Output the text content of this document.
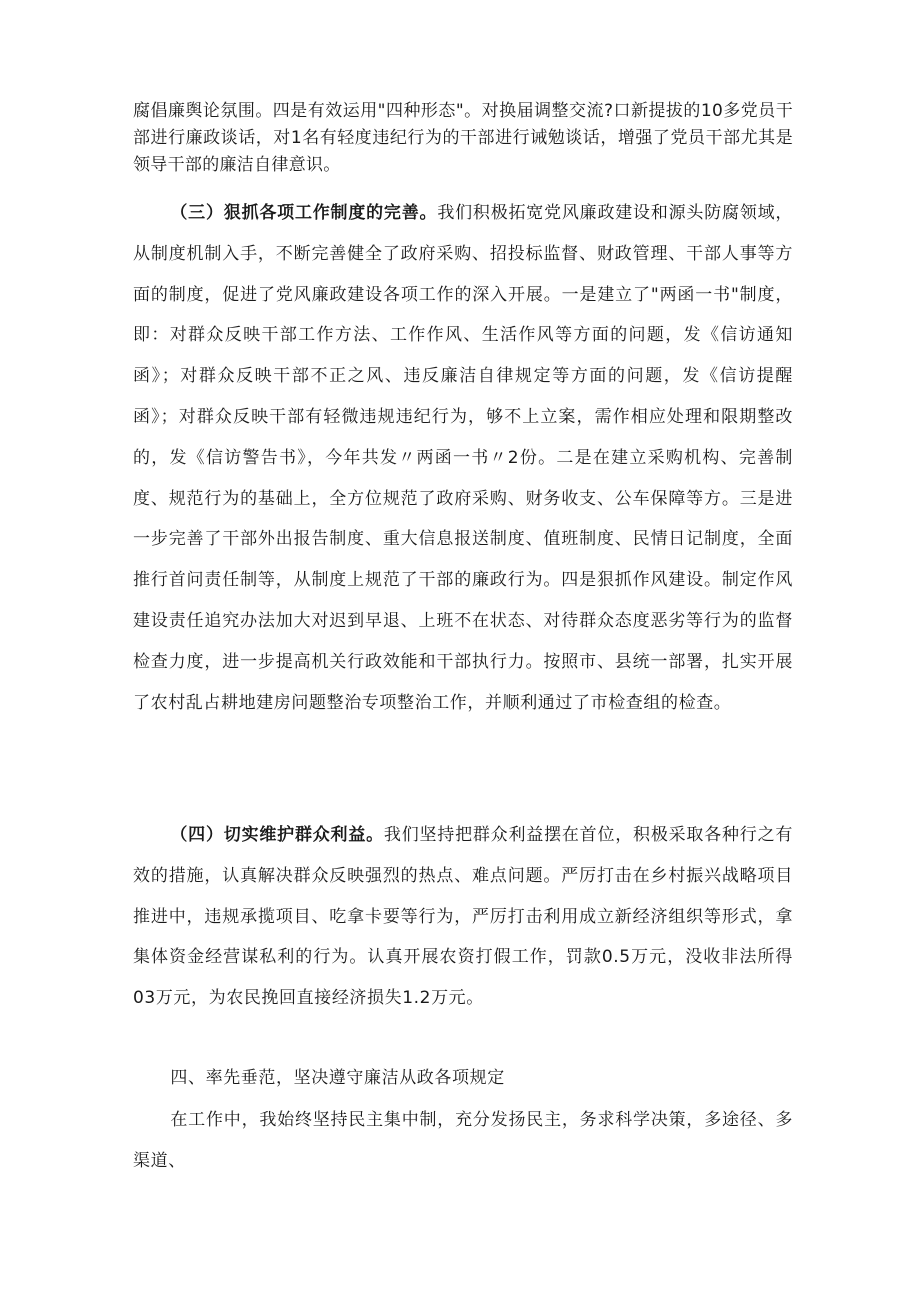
腐倡廉舆论氛围。四是有效运用"四种形态"。对换届调整交流?口新提拔的10多党员干部进行廉政谈话，对1名有轻度违纪行为的干部进行诫勉谈话，增强了党员干部尤其是领导干部的廉洁自律意识。

（三）狠抓各项工作制度的完善。我们积极拓宽党风廉政建设和源头防腐领域，从制度机制入手，不断完善健全了政府采购、招投标监督、财政管理、干部人事等方面的制度，促进了党风廉政建设各项工作的深入开展。一是建立了"两函一书"制度，即：对群众反映干部工作方法、工作作风、生活作风等方面的问题，发《信访通知函》；对群众反映干部不正之风、违反廉洁自律规定等方面的问题，发《信访提醒函》；对群众反映干部有轻微违规违纪行为，够不上立案，需作相应处理和限期整改的，发《信访警告书》，今年共发〃两函一书〃2份。二是在建立采购机构、完善制度、规范行为的基础上，全方位规范了政府采购、财务收支、公车保障等方。三是进一步完善了干部外出报告制度、重大信息报送制度、值班制度、民情日记制度，全面推行首问责任制等，从制度上规范了干部的廉政行为。四是狠抓作风建设。制定作风建设责任追究办法加大对迟到早退、上班不在状态、对待群众态度恶劣等行为的监督检查力度，进一步提高机关行政效能和干部执行力。按照市、县统一部署，扎实开展了农村乱占耕地建房问题整治专项整治工作，并顺利通过了市检查组的检查。

（四）切实维护群众利益。我们坚持把群众利益摆在首位，积极采取各种行之有效的措施，认真解决群众反映强烈的热点、难点问题。严厉打击在乡村振兴战略项目推进中，违规承揽项目、吃拿卡要等行为，严厉打击利用成立新经济组织等形式，拿集体资金经营谋私利的行为。认真开展农资打假工作，罚款0.5万元，没收非法所得03万元，为农民挽回直接经济损失1.2万元。

四、率先垂范，坚决遵守廉洁从政各项规定

在工作中，我始终坚持民主集中制，充分发扬民主，务求科学决策，多途径、多渠道、
